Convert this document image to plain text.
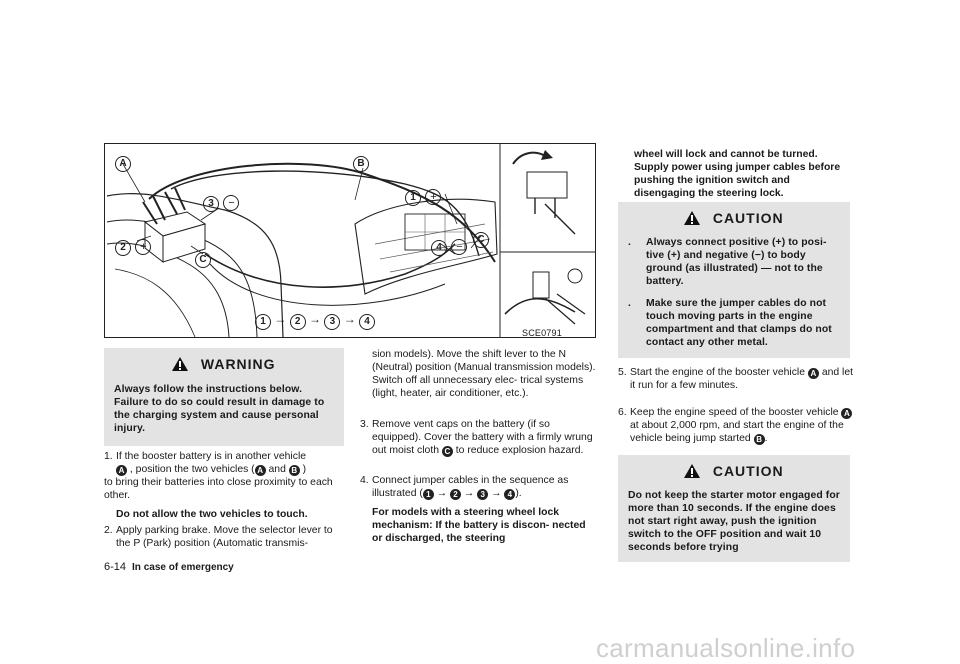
A	B
3 −
2 +
C
1 +
4 −
C
1 → 2 → 3 → 4
SCE0791
WARNING
Always follow the instructions below. Failure to do so could result in damage to the charging system and cause personal injury.
1. If the booster battery is in another vehicle
A , position the two vehicles ( A and B )
to bring their batteries into close proximity to each other.
Do not allow the two vehicles to touch.
2. Apply parking brake. Move the selector lever to the P (Park) position (Automatic transmis-
6-14 In case of emergency
sion models). Move the shift lever to the N (Neutral) position (Manual transmission models). Switch off all unnecessary elec- trical systems (light, heater, air conditioner, etc.).
3. Remove vent caps on the battery (if so equipped). Cover the battery with a firmly wrung out moist cloth C to reduce explosion hazard.
4. Connect jumper cables in the sequence as illustrated ( 1 → 2 → 3 → 4 ).
For models with a steering wheel lock mechanism: If the battery is discon- nected or discharged, the steering
wheel will lock and cannot be turned. Supply power using jumper cables before pushing the ignition switch and disengaging the steering lock.
CAUTION
. Always connect positive (+) to posi- tive (+) and negative (−) to body ground (as illustrated) — not to the battery.
. Make sure the jumper cables do not touch moving parts in the engine compartment and that clamps do not contact any other metal.
5. Start the engine of the booster vehicle A and let it run for a few minutes.
6. Keep the engine speed of the booster vehicle A at about 2,000 rpm, and start the engine of the vehicle being jump started B .
CAUTION
Do not keep the starter motor engaged for more than 10 seconds. If the engine does not start right away, push the ignition switch to the OFF position and wait 10 seconds before trying
carmanualsonline.info
